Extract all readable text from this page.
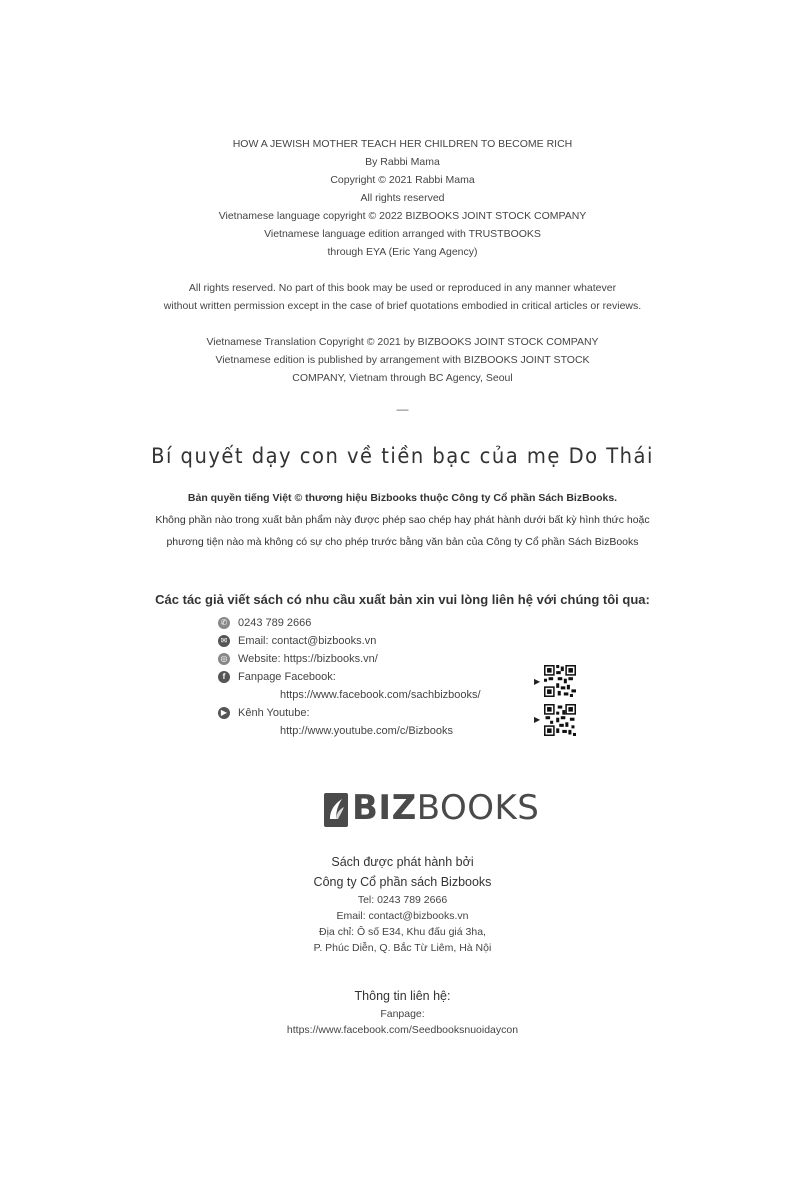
HOW A JEWISH MOTHER TEACH HER CHILDREN TO BECOME RICH
By Rabbi Mama
Copyright © 2021 Rabbi Mama
All rights reserved
Vietnamese language copyright © 2022 BIZBOOKS JOINT STOCK COMPANY
Vietnamese language edition arranged with TRUSTBOOKS
through EYA (Eric Yang Agency)
All rights reserved. No part of this book may be used or reproduced in any manner whatever
without written permission except in the case of brief quotations embodied in critical articles or reviews.
Vietnamese Translation Copyright © 2021 by BIZBOOKS JOINT STOCK COMPANY
Vietnamese edition is published by arrangement with BIZBOOKS JOINT STOCK
COMPANY, Vietnam through BC Agency, Seoul
—
Bí quyết dạy con về tiền bạc của mẹ Do Thái
Bản quyền tiếng Việt © thương hiệu Bizbooks thuộc Công ty Cổ phần Sách BizBooks.
Không phần nào trong xuất bản phẩm này được phép sao chép hay phát hành dưới bất kỳ hình thức hoặc
phương tiện nào mà không có sự cho phép trước bằng văn bản của Công ty Cổ phần Sách BizBooks
Các tác giả viết sách có nhu cầu xuất bản xin vui lòng liên hệ với chúng tôi qua:
✆ 0243 789 2666
✉ Email: contact@bizbooks.vn
◎ Website: https://bizbooks.vn/
f	Fanpage Facebook:
https://www.facebook.com/sachbizbooks/
▶ Kênh Youtube:
http://www.youtube.com/c/Bizbooks
▶
▶
BIZBOOKS
Sách được phát hành bởi
Công ty Cổ phần sách Bizbooks
Tel: 0243 789 2666
Email: contact@bizbooks.vn
Địa chỉ: Ô số E34, Khu đấu giá 3ha,
P. Phúc Diễn, Q. Bắc Từ Liêm, Hà Nội
Thông tin liên hệ:
Fanpage:
https://www.facebook.com/Seedbooksnuoidaycon
